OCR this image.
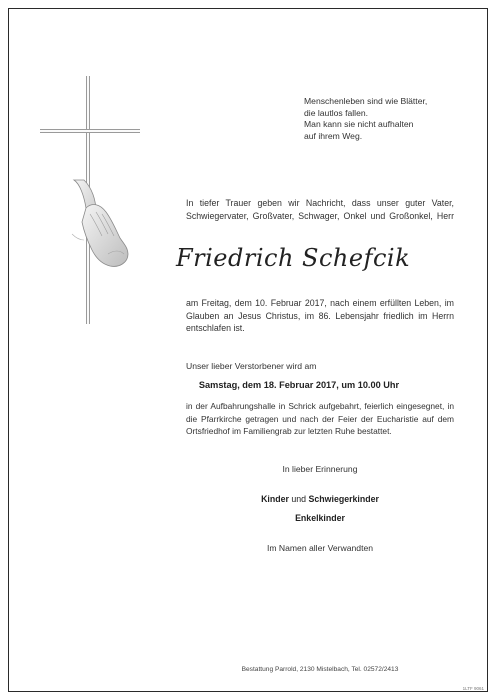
Menschenleben sind wie Blätter,
die lautlos fallen.
Man kann sie nicht aufhalten
auf ihrem Weg.
In tiefer Trauer geben wir Nachricht, dass unser guter Vater,
Schwiegervater, Großvater, Schwager, Onkel und Großonkel, Herr
Friedrich Schefcik
am Freitag, dem 10. Februar 2017, nach einem erfüllten Leben, im Glauben an Jesus Christus, im 86. Lebensjahr friedlich im Herrn entschlafen ist.
Unser lieber Verstorbener wird am
Samstag, dem 18. Februar 2017, um 10.00 Uhr
in der Aufbahrungshalle in Schrick aufgebahrt, feierlich eingesegnet, in die Pfarrkirche getragen und nach der Feier der Eucharistie auf dem Ortsfriedhof im Familiengrab zur letzten Ruhe bestattet.
In lieber Erinnerung
Kinder und Schwiegerkinder
Enkelkinder
Im Namen aller Verwandten
Bestattung Parrold, 2130 Mistelbach, Tel. 02572/2413
1LTF 9061
